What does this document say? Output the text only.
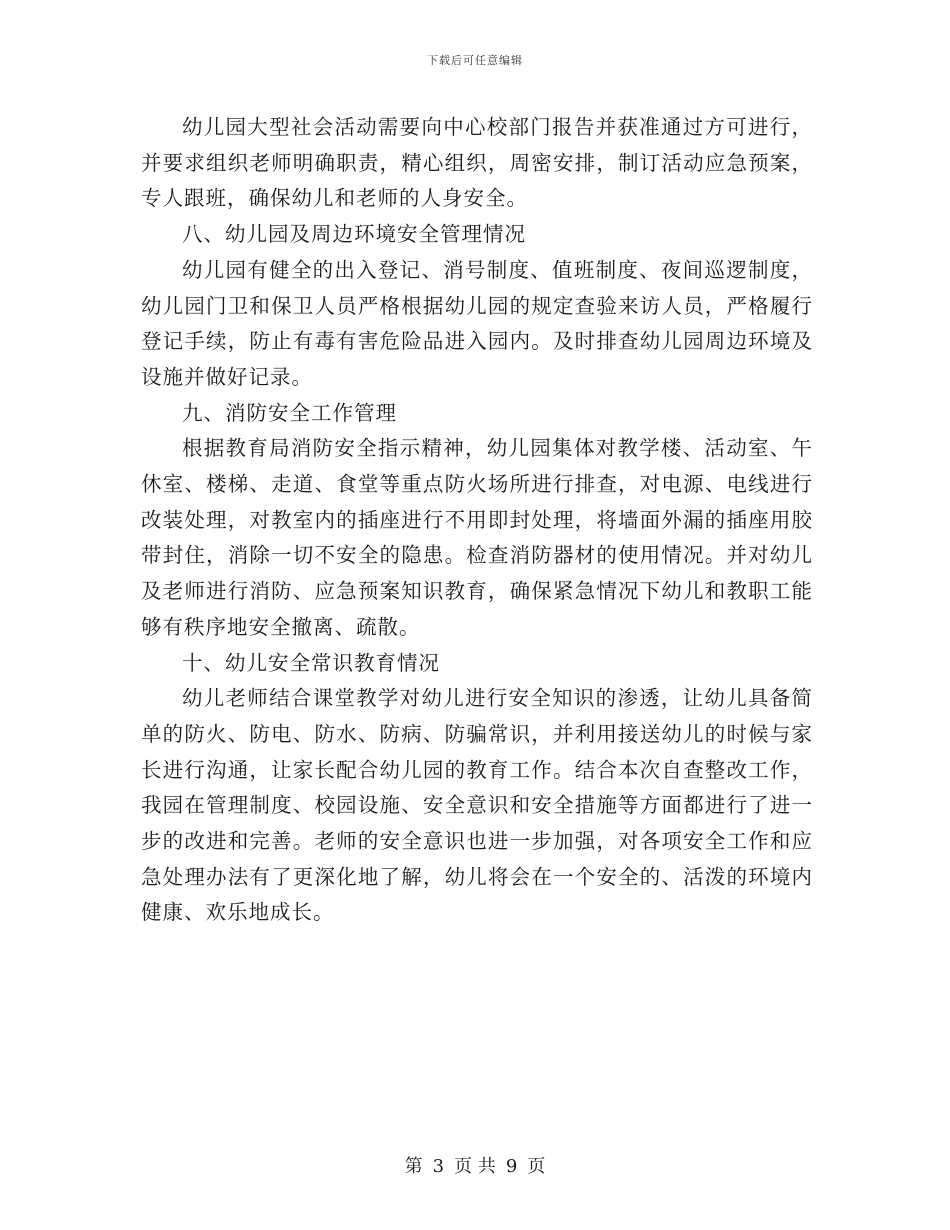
下载后可任意编辑

幼儿园大型社会活动需要向中心校部门报告并获准通过方可进行，并要求组织老师明确职责，精心组织，周密安排，制订活动应急预案，专人跟班，确保幼儿和老师的人身安全。

八、幼儿园及周边环境安全管理情况

幼儿园有健全的出入登记、消号制度、值班制度、夜间巡逻制度，幼儿园门卫和保卫人员严格根据幼儿园的规定查验来访人员，严格履行登记手续，防止有毒有害危险品进入园内。及时排查幼儿园周边环境及设施并做好记录。

九、消防安全工作管理

根据教育局消防安全指示精神，幼儿园集体对教学楼、活动室、午休室、楼梯、走道、食堂等重点防火场所进行排查，对电源、电线进行改装处理，对教室内的插座进行不用即封处理，将墙面外漏的插座用胶带封住，消除一切不安全的隐患。检查消防器材的使用情况。并对幼儿及老师进行消防、应急预案知识教育，确保紧急情况下幼儿和教职工能够有秩序地安全撤离、疏散。

十、幼儿安全常识教育情况

幼儿老师结合课堂教学对幼儿进行安全知识的渗透，让幼儿具备简单的防火、防电、防水、防病、防骗常识，并利用接送幼儿的时候与家长进行沟通，让家长配合幼儿园的教育工作。结合本次自查整改工作，我园在管理制度、校园设施、安全意识和安全措施等方面都进行了进一步的改进和完善。老师的安全意识也进一步加强，对各项安全工作和应急处理办法有了更深化地了解，幼儿将会在一个安全的、活泼的环境内健康、欢乐地成长。

第 3 页 共 9 页
